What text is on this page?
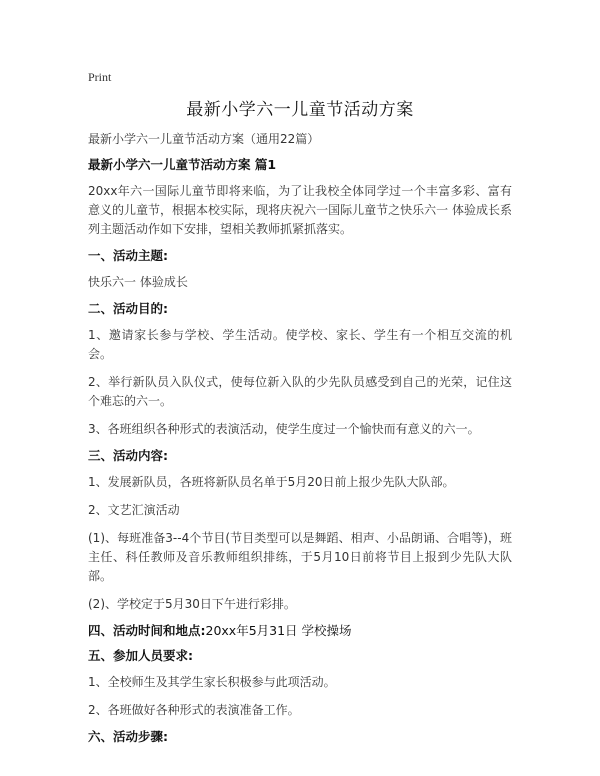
Print
最新小学六一儿童节活动方案
最新小学六一儿童节活动方案（通用22篇）
最新小学六一儿童节活动方案 篇1

20xx年六一国际儿童节即将来临，为了让我校全体同学过一个丰富多彩、富有意义的儿童节，根据本校实际，现将庆祝六一国际儿童节之快乐六一 体验成长系列主题活动作如下安排，望相关教师抓紧抓落实。

一、活动主题:

快乐六一 体验成长

二、活动目的:

1、邀请家长参与学校、学生活动。使学校、家长、学生有一个相互交流的机会。

2、举行新队员入队仪式，使每位新入队的少先队员感受到自己的光荣，记住这个难忘的六一。

3、各班组织各种形式的表演活动，使学生度过一个愉快而有意义的六一。

三、活动内容:

1、发展新队员，各班将新队员名单于5月20日前上报少先队大队部。

2、文艺汇演活动

(1)、每班准备3--4个节目(节目类型可以是舞蹈、相声、小品朗诵、合唱等)，班主任、科任教师及音乐教师组织排练，于5月10日前将节目上报到少先队大队部。

(2)、学校定于5月30日下午进行彩排。

四、活动时间和地点:20xx年5月31日 学校操场
五、参加人员要求:

1、全校师生及其学生家长积极参与此项活动。

2、各班做好各种形式的表演准备工作。

六、活动步骤:
